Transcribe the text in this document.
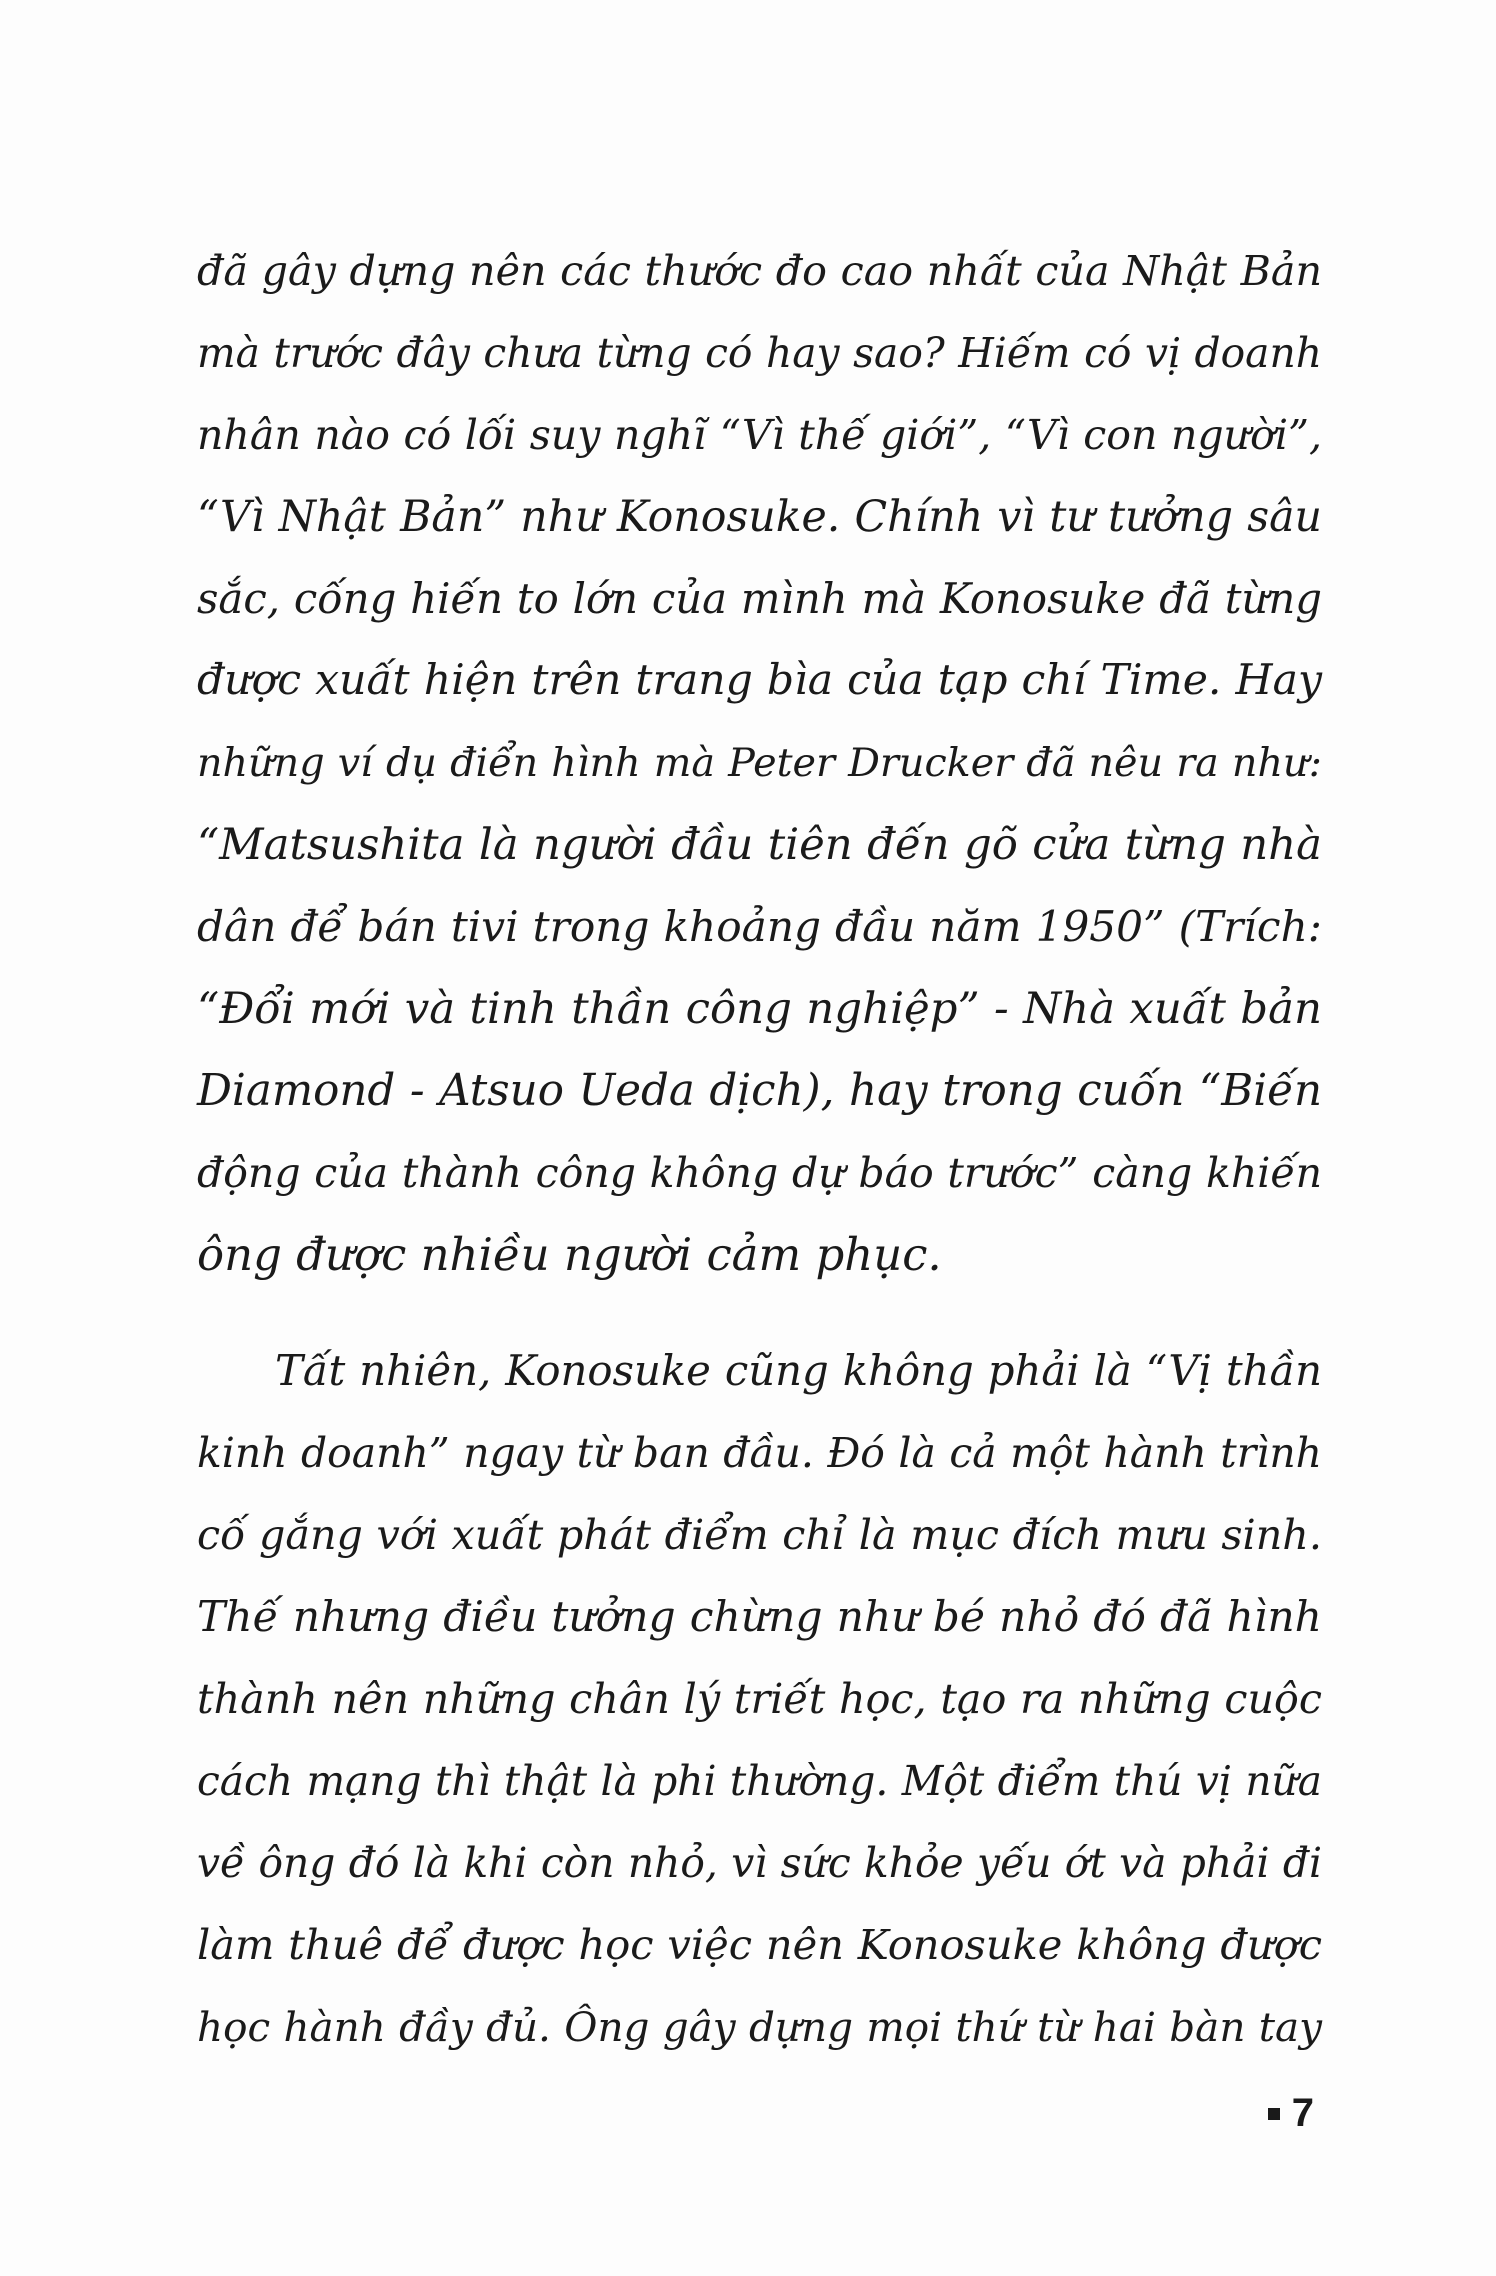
đã gây dựng nên các thước đo cao nhất của Nhật Bản
mà trước đây chưa từng có hay sao? Hiếm có vị doanh
nhân nào có lối suy nghĩ “Vì thế giới”, “Vì con người”,
“Vì Nhật Bản” như Konosuke. Chính vì tư tưởng sâu
sắc, cống hiến to lớn của mình mà Konosuke đã từng
được xuất hiện trên trang bìa của tạp chí Time. Hay
những ví dụ điển hình mà Peter Drucker đã nêu ra như:
“Matsushita là người đầu tiên đến gõ cửa từng nhà
dân để bán tivi trong khoảng đầu năm 1950” (Trích:
“Đổi mới và tinh thần công nghiệp” - Nhà xuất bản
Diamond - Atsuo Ueda dịch), hay trong cuốn “Biến
động của thành công không dự báo trước” càng khiến
ông được nhiều người cảm phục.
Tất nhiên, Konosuke cũng không phải là “Vị thần
kinh doanh” ngay từ ban đầu. Đó là cả một hành trình
cố gắng với xuất phát điểm chỉ là mục đích mưu sinh.
Thế nhưng điều tưởng chừng như bé nhỏ đó đã hình
thành nên những chân lý triết học, tạo ra những cuộc
cách mạng thì thật là phi thường. Một điểm thú vị nữa
về ông đó là khi còn nhỏ, vì sức khỏe yếu ớt và phải đi
làm thuê để được học việc nên Konosuke không được
học hành đầy đủ. Ông gây dựng mọi thứ từ hai bàn tay
7
